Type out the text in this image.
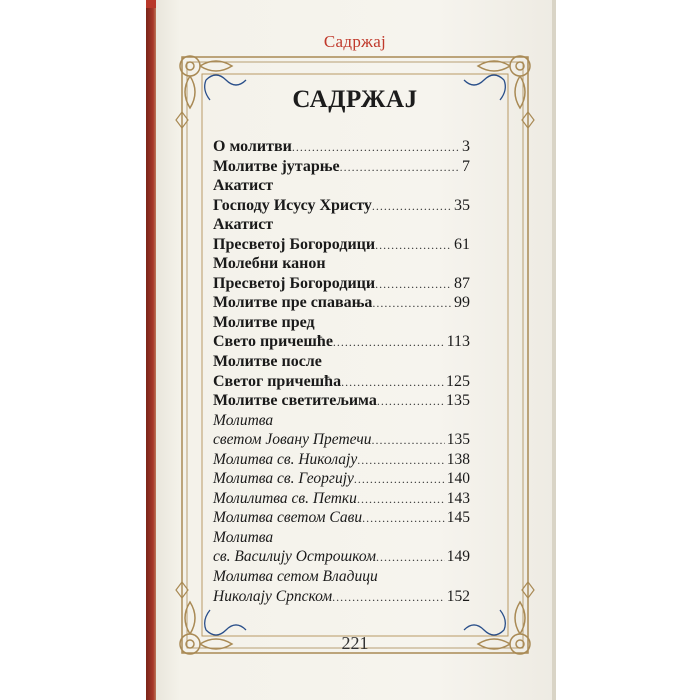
Садржај
САДРЖАЈ
О молитви .....	3
Молитве јутарње .....	7
Акатист
Господу Исусу Христу .....	35
Акатист
Пресветој Богородици .....	61
Молебни канон
Пресветој Богородици .....	87
Молитве пре спавања .....	99
Молитве пред
Свето причешће .....	113
Молитве после
Светог причешћа .....	125
Молитве светитељима .....	135
Молитва
светом Јовану Претечи .....	135
Молитва св. Николају .....	138
Молитва св. Георгију .....	140
Молилитва св. Петки .....	143
Молитва светом Сави .....	145
Молитва
св. Василију Острошком .....	149
Молитва сетом Владици
Николају Српском .....	152
221
